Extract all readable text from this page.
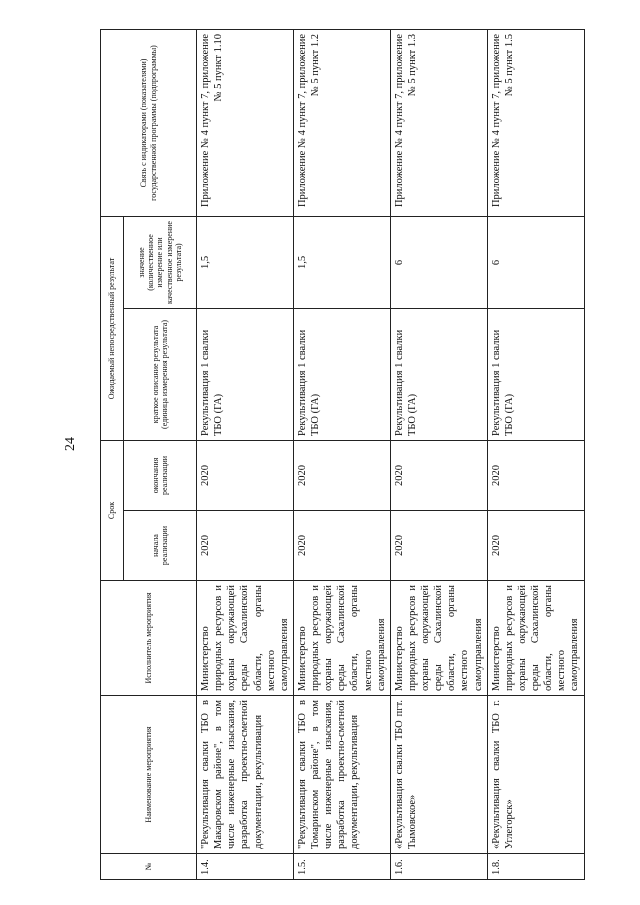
24
№	Наименование мероприятия	Исполнитель мероприятия	Срок		Ожидаемый непосредственный результат		Связь с индикаторами (показателями) государственной программы (подпрограммы)
			начала реализации	окончания реализации	краткое описание результата (единица измерения результата)	значение (количественное измерение или качественное измерение результата)	
1.4.	"Рекультивация свалки ТБО в Макаровском районе", в том числе инженерные изыскания, разработка проектно-сметной документации, рекультивация	Министерство природных ресурсов и охраны окружающей среды Сахалинской области, органы местного самоуправления	2020	2020	Рекультивация 1 свалки ТБО (ГА)	1,5	Приложение № 4 пункт 7, приложение № 5 пункт 1.10
1.5.	"Рекультивация свалки ТБО в Томаринском районе", в том числе инженерные изыскания, разработка проектно-сметной документации, рекультивация	Министерство природных ресурсов и охраны окружающей среды Сахалинской области, органы местного самоуправления	2020	2020	Рекультивация 1 свалки ТБО (ГА)	1,5	Приложение № 4 пункт 7, приложение № 5 пункт 1.2
1.6.	«Рекультивация свалки ТБО пгт. Тымовское»	Министерство природных ресурсов и охраны окружающей среды Сахалинской области, органы местного самоуправления	2020	2020	Рекультивация 1 свалки ТБО (ГА)	6	Приложение № 4 пункт 7, приложение № 5 пункт 1.3
1.8.	«Рекультивация свалки ТБО г. Углегорск»	Министерство природных ресурсов и охраны окружающей среды Сахалинской области, органы местного самоуправления	2020	2020	Рекультивация 1 свалки ТБО (ГА)	6	Приложение № 4 пункт 7, приложение № 5 пункт 1.5
